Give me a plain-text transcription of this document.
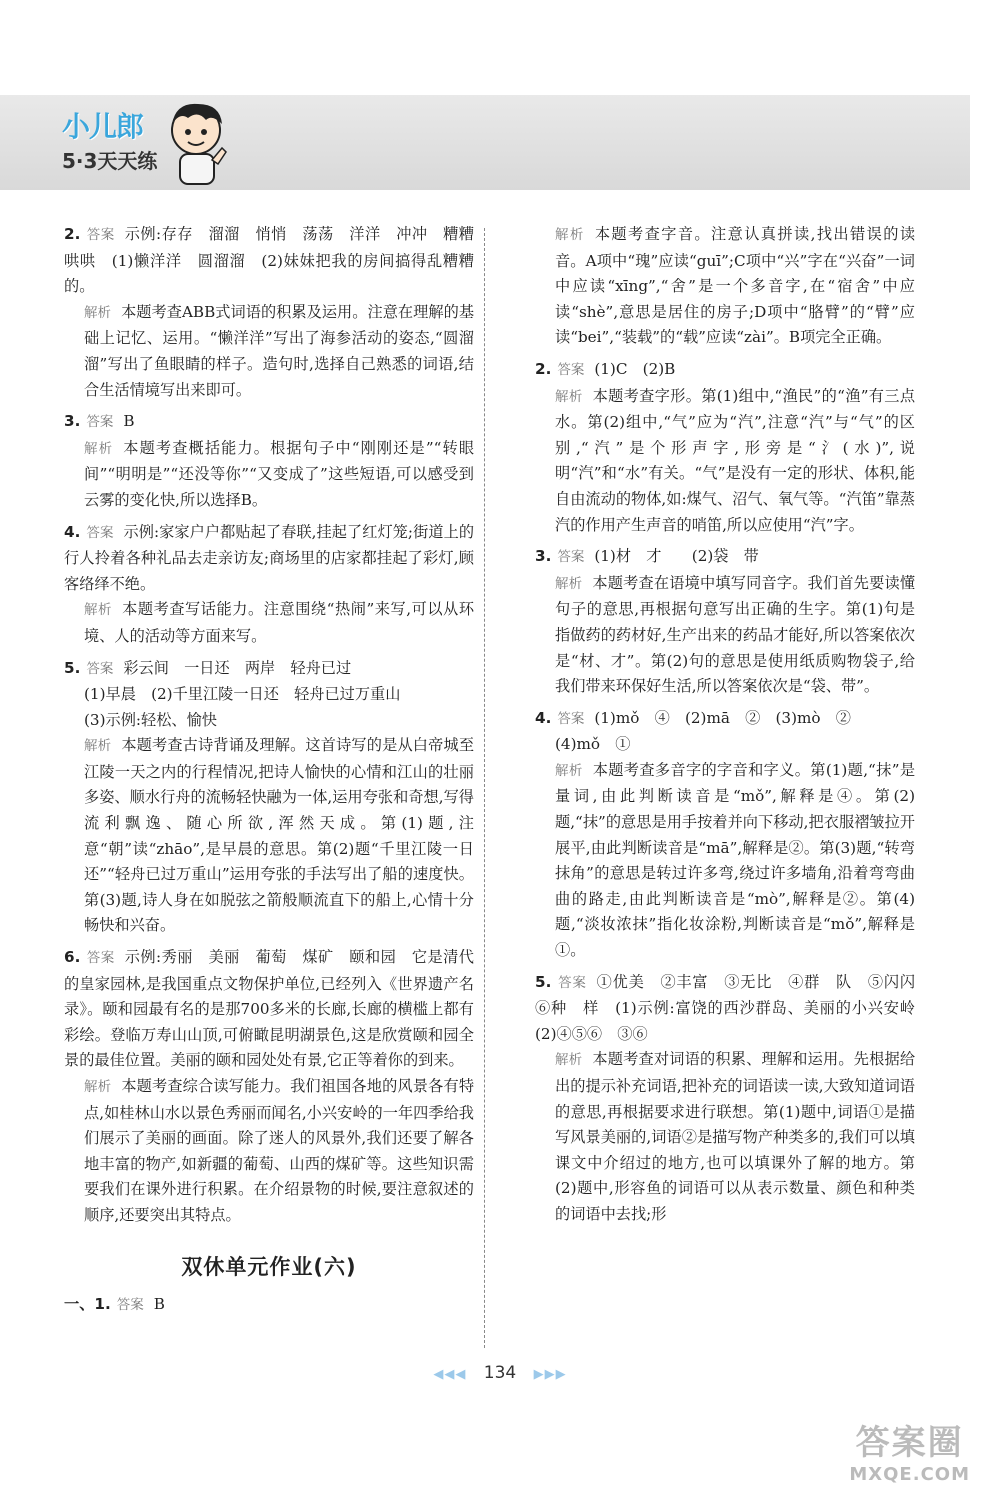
小儿郎
5·3天天练

2. 答案 示例:存存　溜溜　悄悄　荡荡　洋洋　冲冲　糟糟　哄哄　(1)懒洋洋　圆溜溜　(2)妹妹把我的房间搞得乱糟糟的。

解析 本题考查ABB式词语的积累及运用。注意在理解的基础上记忆、运用。“懒洋洋”写出了海参活动的姿态,“圆溜溜”写出了鱼眼睛的样子。造句时,选择自己熟悉的词语,结合生活情境写出来即可。

3. 答案 B

解析 本题考查概括能力。根据句子中“刚刚还是”“转眼间”“明明是”“还没等你”“又变成了”这些短语,可以感受到云雾的变化快,所以选择B。

4. 答案 示例:家家户户都贴起了春联,挂起了红灯笼;街道上的行人拎着各种礼品去走亲访友;商场里的店家都挂起了彩灯,顾客络绎不绝。

解析 本题考查写话能力。注意围绕“热闹”来写,可以从环境、人的活动等方面来写。

5. 答案 彩云间　一日还　两岸　轻舟已过

(1)早晨　(2)千里江陵一日还　轻舟已过万重山

(3)示例:轻松、愉快

解析 本题考查古诗背诵及理解。这首诗写的是从白帝城至江陵一天之内的行程情况,把诗人愉快的心情和江山的壮丽多姿、顺水行舟的流畅轻快融为一体,运用夸张和奇想,写得流利飘逸、随心所欲,浑然天成。第(1)题,注意“朝”读“zhāo”,是早晨的意思。第(2)题“千里江陵一日还”“轻舟已过万重山”运用夸张的手法写出了船的速度快。第(3)题,诗人身在如脱弦之箭般顺流直下的船上,心情十分畅快和兴奋。

6. 答案 示例:秀丽　美丽　葡萄　煤矿　颐和园　它是清代的皇家园林,是我国重点文物保护单位,已经列入《世界遗产名录》。颐和园最有名的是那700多米的长廊,长廊的横槛上都有彩绘。登临万寿山山顶,可俯瞰昆明湖景色,这是欣赏颐和园全景的最佳位置。美丽的颐和园处处有景,它正等着你的到来。

解析 本题考查综合读写能力。我们祖国各地的风景各有特点,如桂林山水以景色秀丽而闻名,小兴安岭的一年四季给我们展示了美丽的画面。除了迷人的风景外,我们还要了解各地丰富的物产,如新疆的葡萄、山西的煤矿等。这些知识需要我们在课外进行积累。在介绍景物的时候,要注意叙述的顺序,还要突出其特点。

双休单元作业(六)

一、1. 答案 B

解析 本题考查字音。注意认真拼读,找出错误的读音。A项中“瑰”应读“guī”;C项中“兴”字在“兴奋”一词中应读“xīng”,“舍”是一个多音字,在“宿舍”中应读“shè”,意思是居住的房子;D项中“胳臂”的“臂”应读“bei”,“装载”的“载”应读“zài”。B项完全正确。

2. 答案 (1)C　(2)B

解析 本题考查字形。第(1)组中,“渔民”的“渔”有三点水。第(2)组中,“气”应为“汽”,注意“汽”与“气”的区别,“汽”是个形声字,形旁是“氵(水)”,说明“汽”和“水”有关。“气”是没有一定的形状、体积,能自由流动的物体,如:煤气、沼气、氧气等。“汽笛”靠蒸汽的作用产生声音的哨笛,所以应使用“汽”字。

3. 答案 (1)材　才　　(2)袋　带

解析 本题考查在语境中填写同音字。我们首先要读懂句子的意思,再根据句意写出正确的生字。第(1)句是指做药的药材好,生产出来的药品才能好,所以答案依次是“材、才”。第(2)句的意思是使用纸质购物袋子,给我们带来环保好生活,所以答案依次是“袋、带”。

4. 答案 (1)mǒ　④　(2)mā　②　(3)mò　②

(4)mǒ　①

解析 本题考查多音字的字音和字义。第(1)题,“抹”是量词,由此判断读音是“mǒ”,解释是④。第(2)题,“抹”的意思是用手按着并向下移动,把衣服褶皱拉开展平,由此判断读音是“mā”,解释是②。第(3)题,“转弯抹角”的意思是转过许多弯,绕过许多墙角,沿着弯弯曲曲的路走,由此判断读音是“mò”,解释是②。第(4)题,“淡妆浓抹”指化妆涂粉,判断读音是“mǒ”,解释是①。

5. 答案 ①优美　②丰富　③无比　④群　队　⑤闪闪　⑥种　样　(1)示例:富饶的西沙群岛、美丽的小兴安岭　(2)④⑤⑥　③⑥

解析 本题考查对词语的积累、理解和运用。先根据给出的提示补充词语,把补充的词语读一读,大致知道词语的意思,再根据要求进行联想。第(1)题中,词语①是描写风景美丽的,词语②是描写物产种类多的,我们可以填课文中介绍过的地方,也可以填课外了解的地方。第(2)题中,形容鱼的词语可以从表示数量、颜色和种类的词语中去找;形

◀◀◀ 134 ▶▶▶
答案圈
MXQE.COM
